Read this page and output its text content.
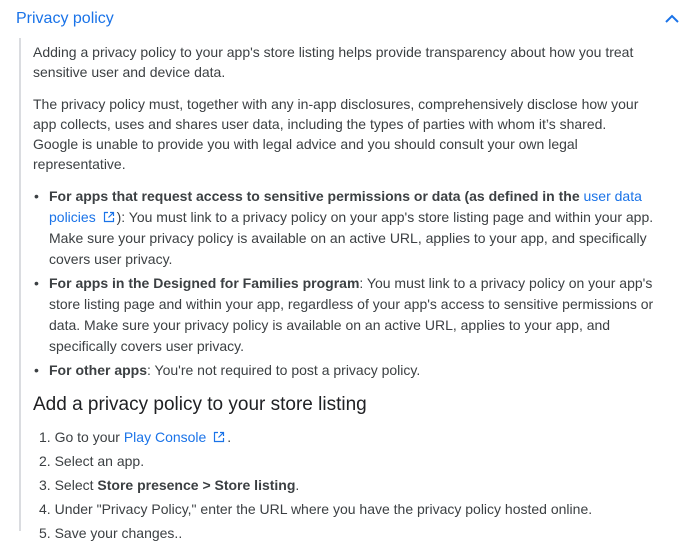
Privacy policy

Adding a privacy policy to your app's store listing helps provide transparency about how you treat sensitive user and device data.

The privacy policy must, together with any in-app disclosures, comprehensively disclose how your app collects, uses and shares user data, including the types of parties with whom it’s shared. Google is unable to provide you with legal advice and you should consult your own legal representative.

• For apps that request access to sensitive permissions or data (as defined in the user data policies ): You must link to a privacy policy on your app's store listing page and within your app. Make sure your privacy policy is available on an active URL, applies to your app, and specifically covers user privacy.
• For apps in the Designed for Families program: You must link to a privacy policy on your app's store listing page and within your app, regardless of your app's access to sensitive permissions or data. Make sure your privacy policy is available on an active URL, applies to your app, and specifically covers user privacy.
• For other apps: You're not required to post a privacy policy.
Add a privacy policy to your store listing
1. Go to your Play Console .
2. Select an app.
3. Select Store presence > Store listing.
4. Under "Privacy Policy," enter the URL where you have the privacy policy hosted online.
5. Save your changes..
